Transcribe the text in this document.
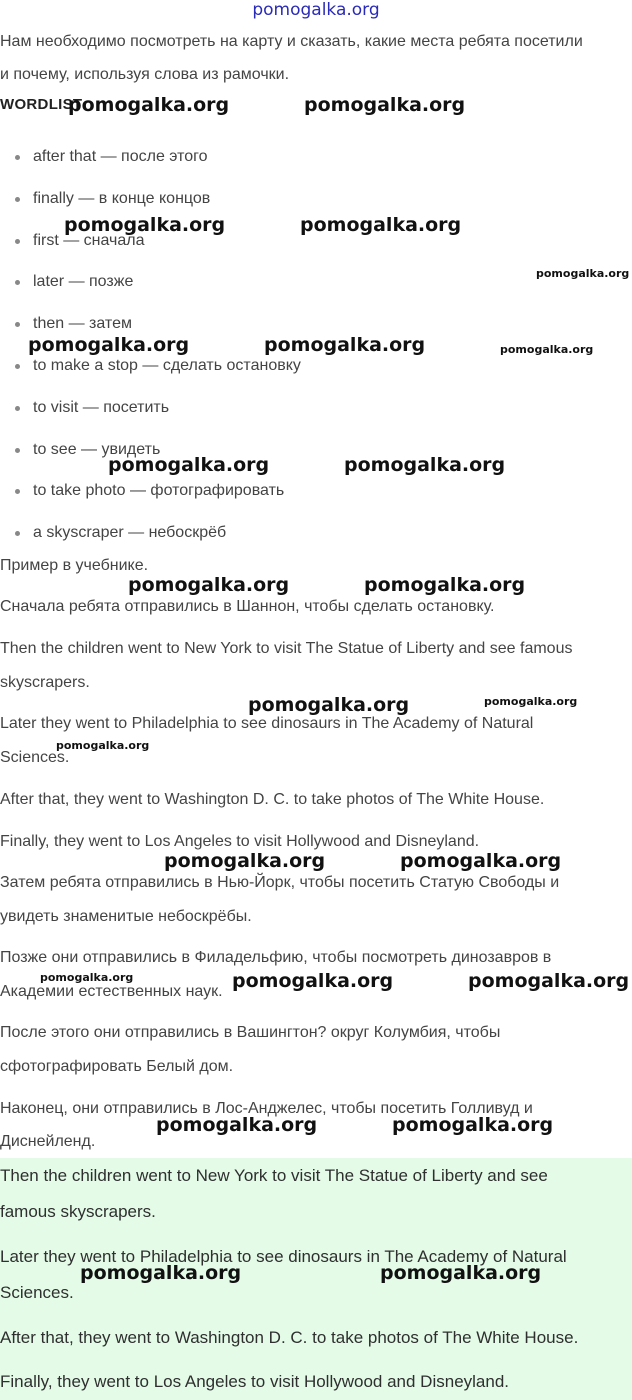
pomogalka.org
Нам необходимо посмотреть на карту и сказать, какие места ребята посетили
и почему, используя слова из рамочки.
WORDLIST
after that — после этого
finally — в конце концов
first — сначала
later — позже
then — затем
to make a stop — сделать остановку
to visit — посетить
to see — увидеть
to take photo — фотографировать
a skyscraper — небоскрёб
Пример в учебнике.
Сначала ребята отправились в Шаннон, чтобы сделать остановку.
Then the children went to New York to visit The Statue of Liberty and see famous
skyscrapers.
Later they went to Philadelphia to see dinosaurs in The Academy of Natural
Sciences.
After that, they went to Washington D. C. to take photos of The White House.
Finally, they went to Los Angeles to visit Hollywood and Disneyland.
Затем ребята отправились в Нью-Йорк, чтобы посетить Статую Свободы и
увидеть знаменитые небоскрёбы.
Позже они отправились в Филадельфию, чтобы посмотреть динозавров в
Академии естественных наук.
После этого они отправились в Вашингтон? округ Колумбия, чтобы
сфотографировать Белый дом.
Наконец, они отправились в Лос-Анджелес, чтобы посетить Голливуд и
Диснейленд.
Then the children went to New York to visit The Statue of Liberty and see
famous skyscrapers.
Later they went to Philadelphia to see dinosaurs in The Academy of Natural
Sciences.
After that, they went to Washington D. C. to take photos of The White House.
Finally, they went to Los Angeles to visit Hollywood and Disneyland.
pomogalka.org	pomogalka.org
pomogalka.org	pomogalka.org
pomogalka.org
pomogalka.org	pomogalka.org	pomogalka.org
pomogalka.org	pomogalka.org
pomogalka.org	pomogalka.org
pomogalka.org	pomogalka.org
pomogalka.org
pomogalka.org	pomogalka.org
pomogalka.org	pomogalka.org	pomogalka.org
pomogalka.org	pomogalka.org
pomogalka.org	pomogalka.org
